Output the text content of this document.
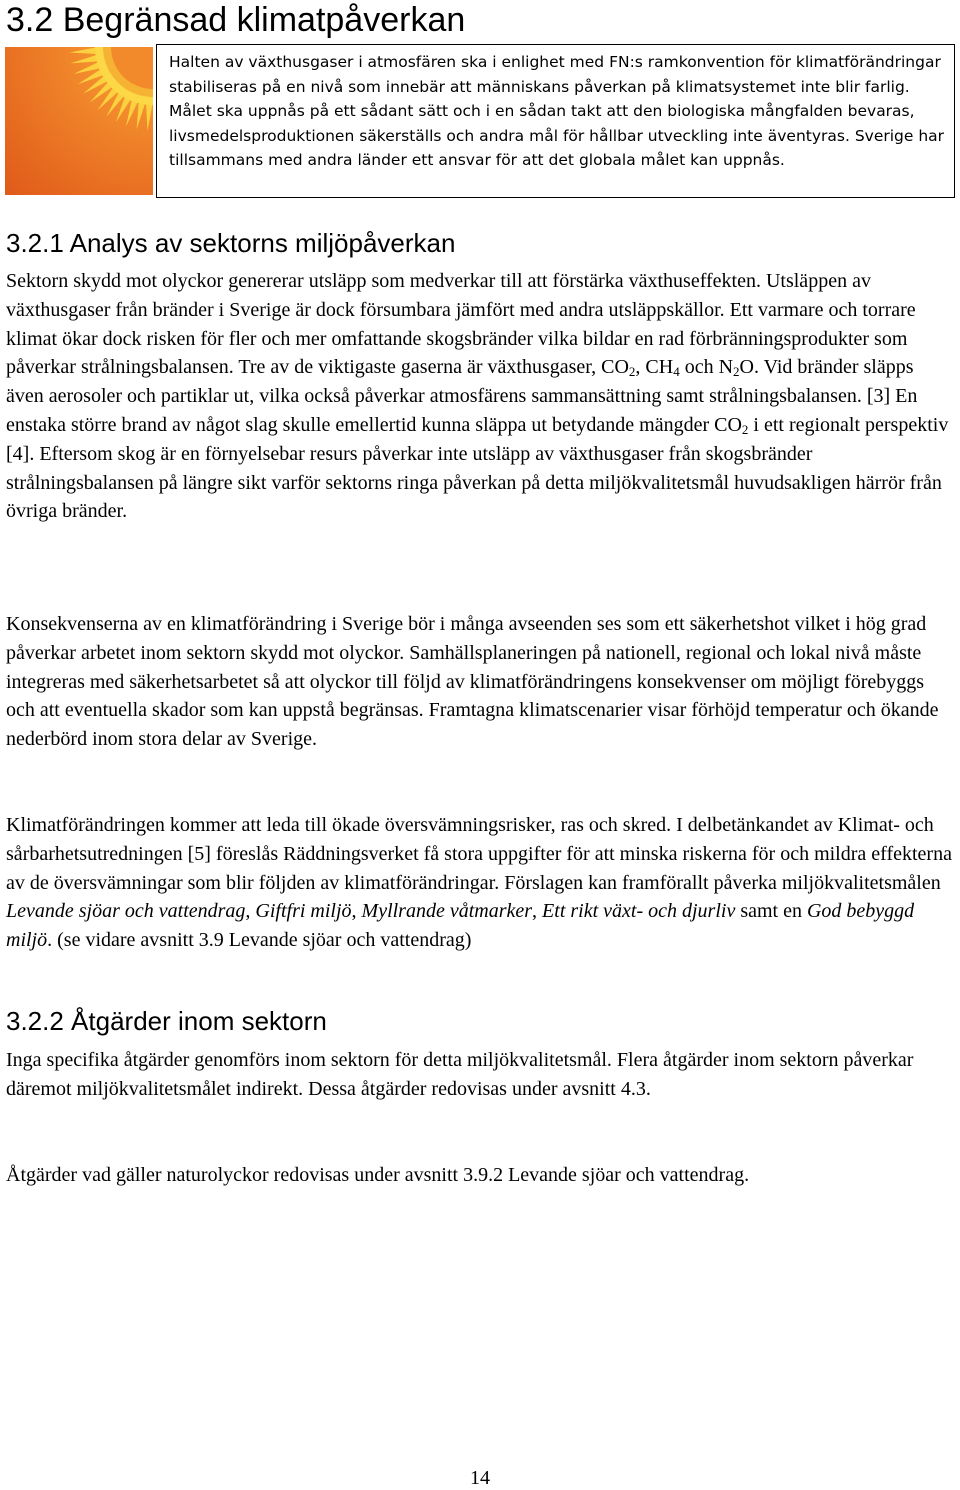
3.2 Begränsad klimatpåverkan

Halten av växthusgaser i atmosfären ska i enlighet med FN:s ramkonvention för klimatförändringar stabiliseras på en nivå som innebär att människans påverkan på klimatsystemet inte blir farlig. Målet ska uppnås på ett sådant sätt och i en sådan takt att den biologiska mångfalden bevaras, livsmedelsproduktionen säkerställs och andra mål för hållbar utveckling inte äventyras. Sverige har tillsammans med andra länder ett ansvar för att det globala målet kan uppnås.

3.2.1 Analys av sektorns miljöpåverkan

Sektorn skydd mot olyckor genererar utsläpp som medverkar till att förstärka växthuseffekten. Utsläppen av växthusgaser från bränder i Sverige är dock försumbara jämfört med andra utsläppskällor. Ett varmare och torrare klimat ökar dock risken för fler och mer omfattande skogsbränder vilka bildar en rad förbränningsprodukter som påverkar strålningsbalansen. Tre av de viktigaste gaserna är växthusgaser, $CO_2$, $CH_4$ och $N_2O$. Vid bränder släpps även aerosoler och partiklar ut, vilka också påverkar atmosfärens sammansättning samt strålningsbalansen. [3] En enstaka större brand av något slag skulle emellertid kunna släppa ut betydande mängder $CO_2$ i ett regionalt perspektiv [4]. Eftersom skog är en förnyelsebar resurs påverkar inte utsläpp av växthusgaser från skogsbränder strålningsbalansen på längre sikt varför sektorns ringa påverkan på detta miljökvalitetsmål huvudsakligen härrör från övriga bränder.

Konsekvenserna av en klimatförändring i Sverige bör i många avseenden ses som ett säkerhetshot vilket i hög grad påverkar arbetet inom sektorn skydd mot olyckor. Samhällsplaneringen på nationell, regional och lokal nivå måste integreras med säkerhetsarbetet så att olyckor till följd av klimatförändringens konsekvenser om möjligt förebyggs och att eventuella skador som kan uppstå begränsas. Framtagna klimatscenarier visar förhöjd temperatur och ökande nederbörd inom stora delar av Sverige.

Klimatförändringen kommer att leda till ökade översvämningsrisker, ras och skred. I delbetänkandet av Klimat- och sårbarhetsutredningen [5] föreslås Räddningsverket få stora uppgifter för att minska riskerna för och mildra effekterna av de översvämningar som blir följden av klimatförändringar. Förslagen kan framförallt påverka miljökvalitetsmålen Levande sjöar och vattendrag, Giftfri miljö, Myllrande våtmarker, Ett rikt växt- och djurliv samt en God bebyggd miljö. (se vidare avsnitt 3.9 Levande sjöar och vattendrag)

3.2.2 Åtgärder inom sektorn

Inga specifika åtgärder genomförs inom sektorn för detta miljökvalitetsmål. Flera åtgärder inom sektorn påverkar däremot miljökvalitetsmålet indirekt. Dessa åtgärder redovisas under avsnitt 4.3.

Åtgärder vad gäller naturolyckor redovisas under avsnitt 3.9.2 Levande sjöar och vattendrag.

14
